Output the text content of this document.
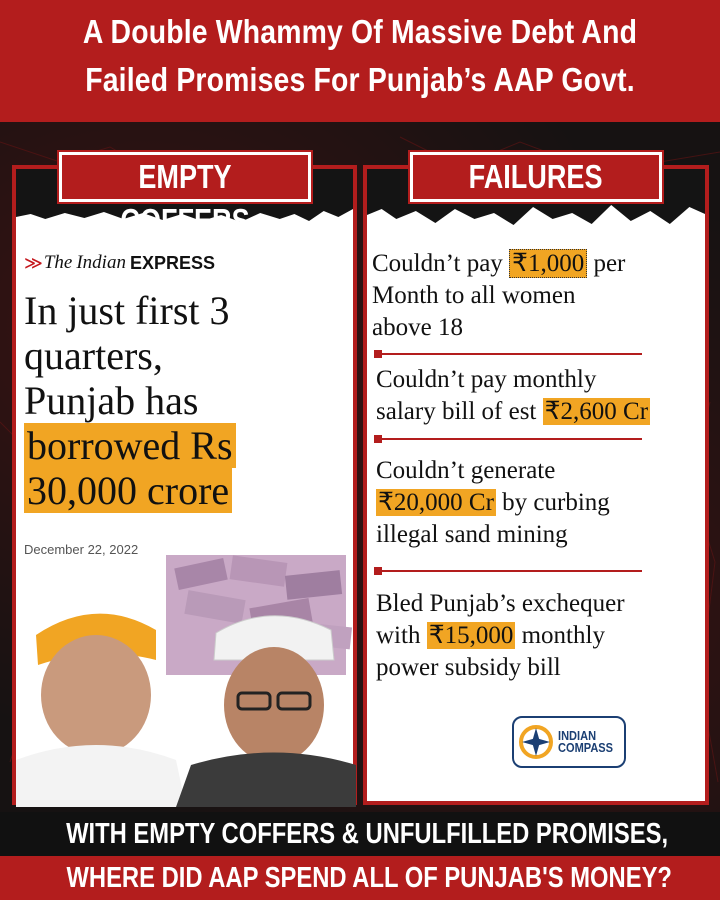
A Double Whammy Of Massive Debt And
Failed Promises For Punjab’s AAP Govt.
EMPTY COFFERS
≫ The Indian EXPRESS
In just first 3
quarters,
Punjab has
borrowed Rs
30,000 crore
December 22, 2022
FAILURES
Couldn’t pay ₹1,000 per
Month to all women
above 18
Couldn’t pay monthly
salary bill of est ₹2,600 Cr
Couldn’t generate
₹20,000 Cr by curbing
illegal sand mining
Bled Punjab’s exchequer
with ₹15,000 monthly
power subsidy bill
INDIAN
COMPASS
05 Jan 2023
WITH EMPTY COFFERS & UNFULFILLED PROMISES,
WHERE DID AAP SPEND ALL OF PUNJAB'S MONEY?
